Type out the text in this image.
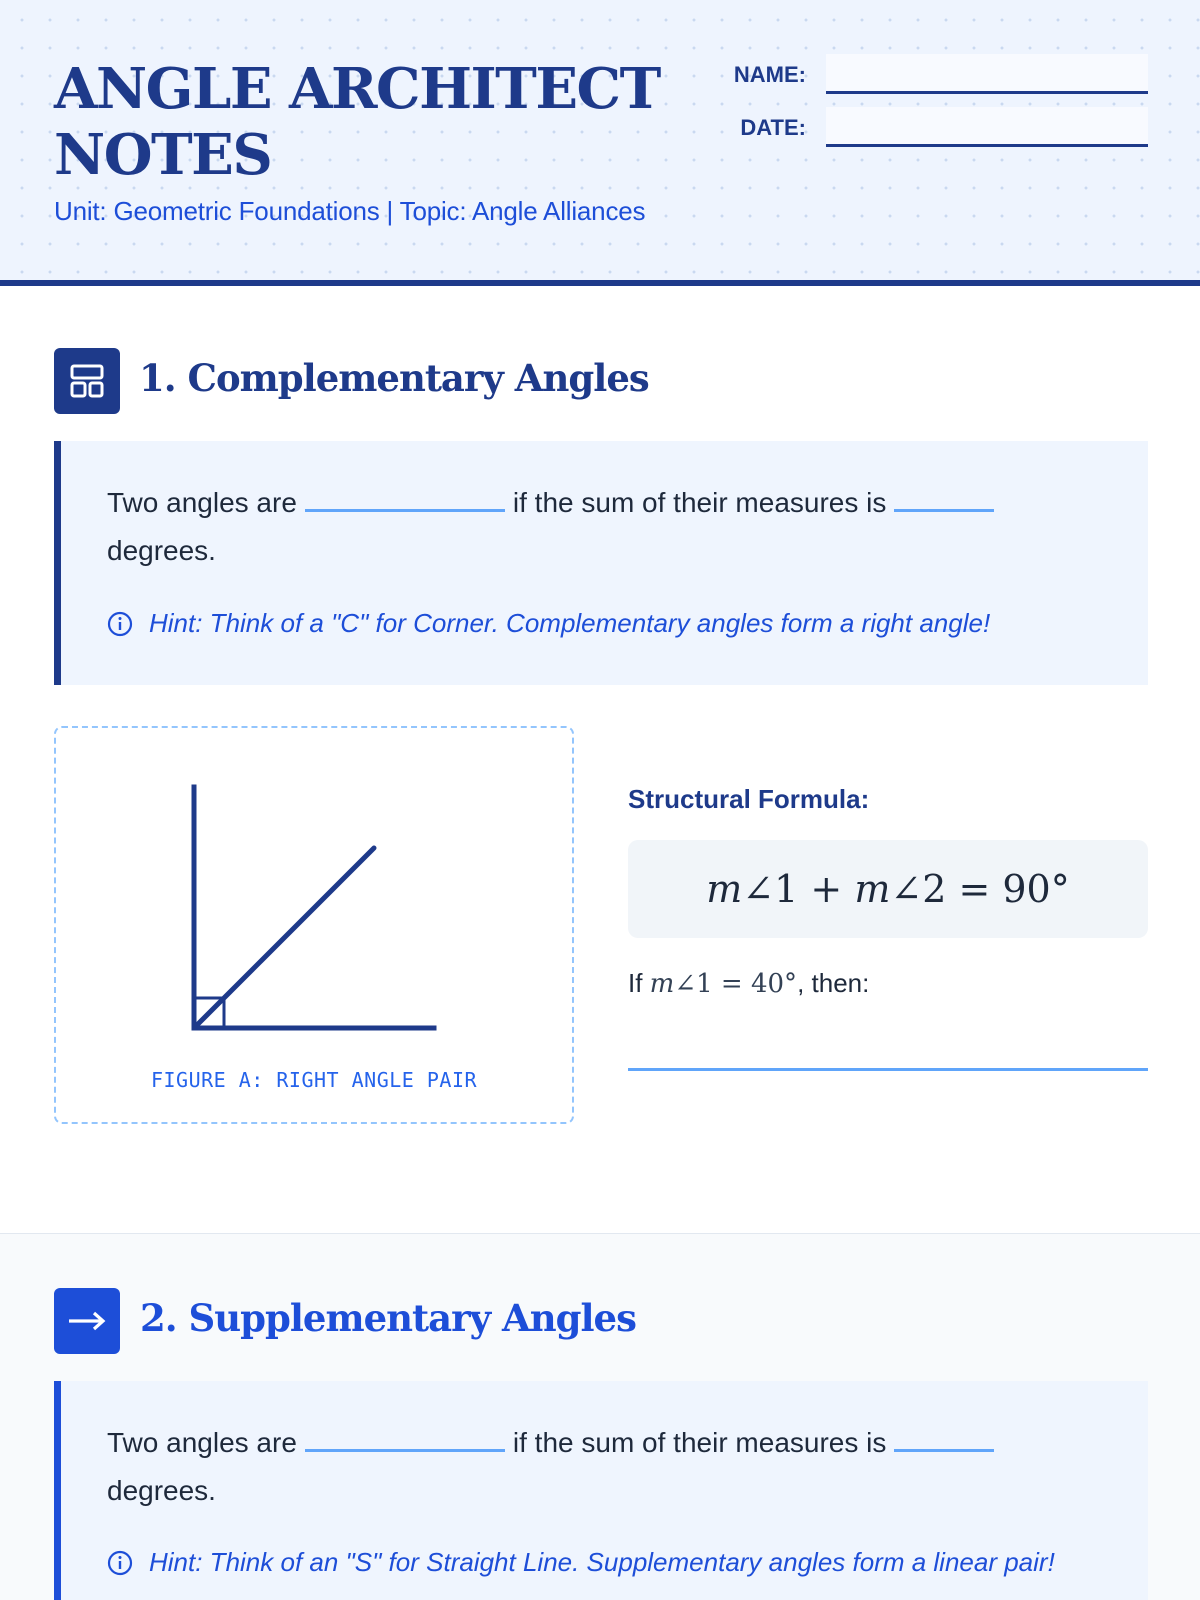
ANGLE ARCHITECT NOTES
Unit: Geometric Foundations | Topic: Angle Alliances
NAME:
DATE:
1. Complementary Angles
Two angles are	if the sum of their measures is
degrees.
Hint: Think of a "C" for Corner. Complementary angles form a right angle!
FIGURE A: RIGHT ANGLE PAIR
Structural Formula:
m ∠1 + m ∠2 = 90°
If m∠1 = 40°, then:
2. Supplementary Angles
Two angles are	if the sum of their measures is
degrees.
Hint: Think of an "S" for Straight Line. Supplementary angles form a linear pair!
